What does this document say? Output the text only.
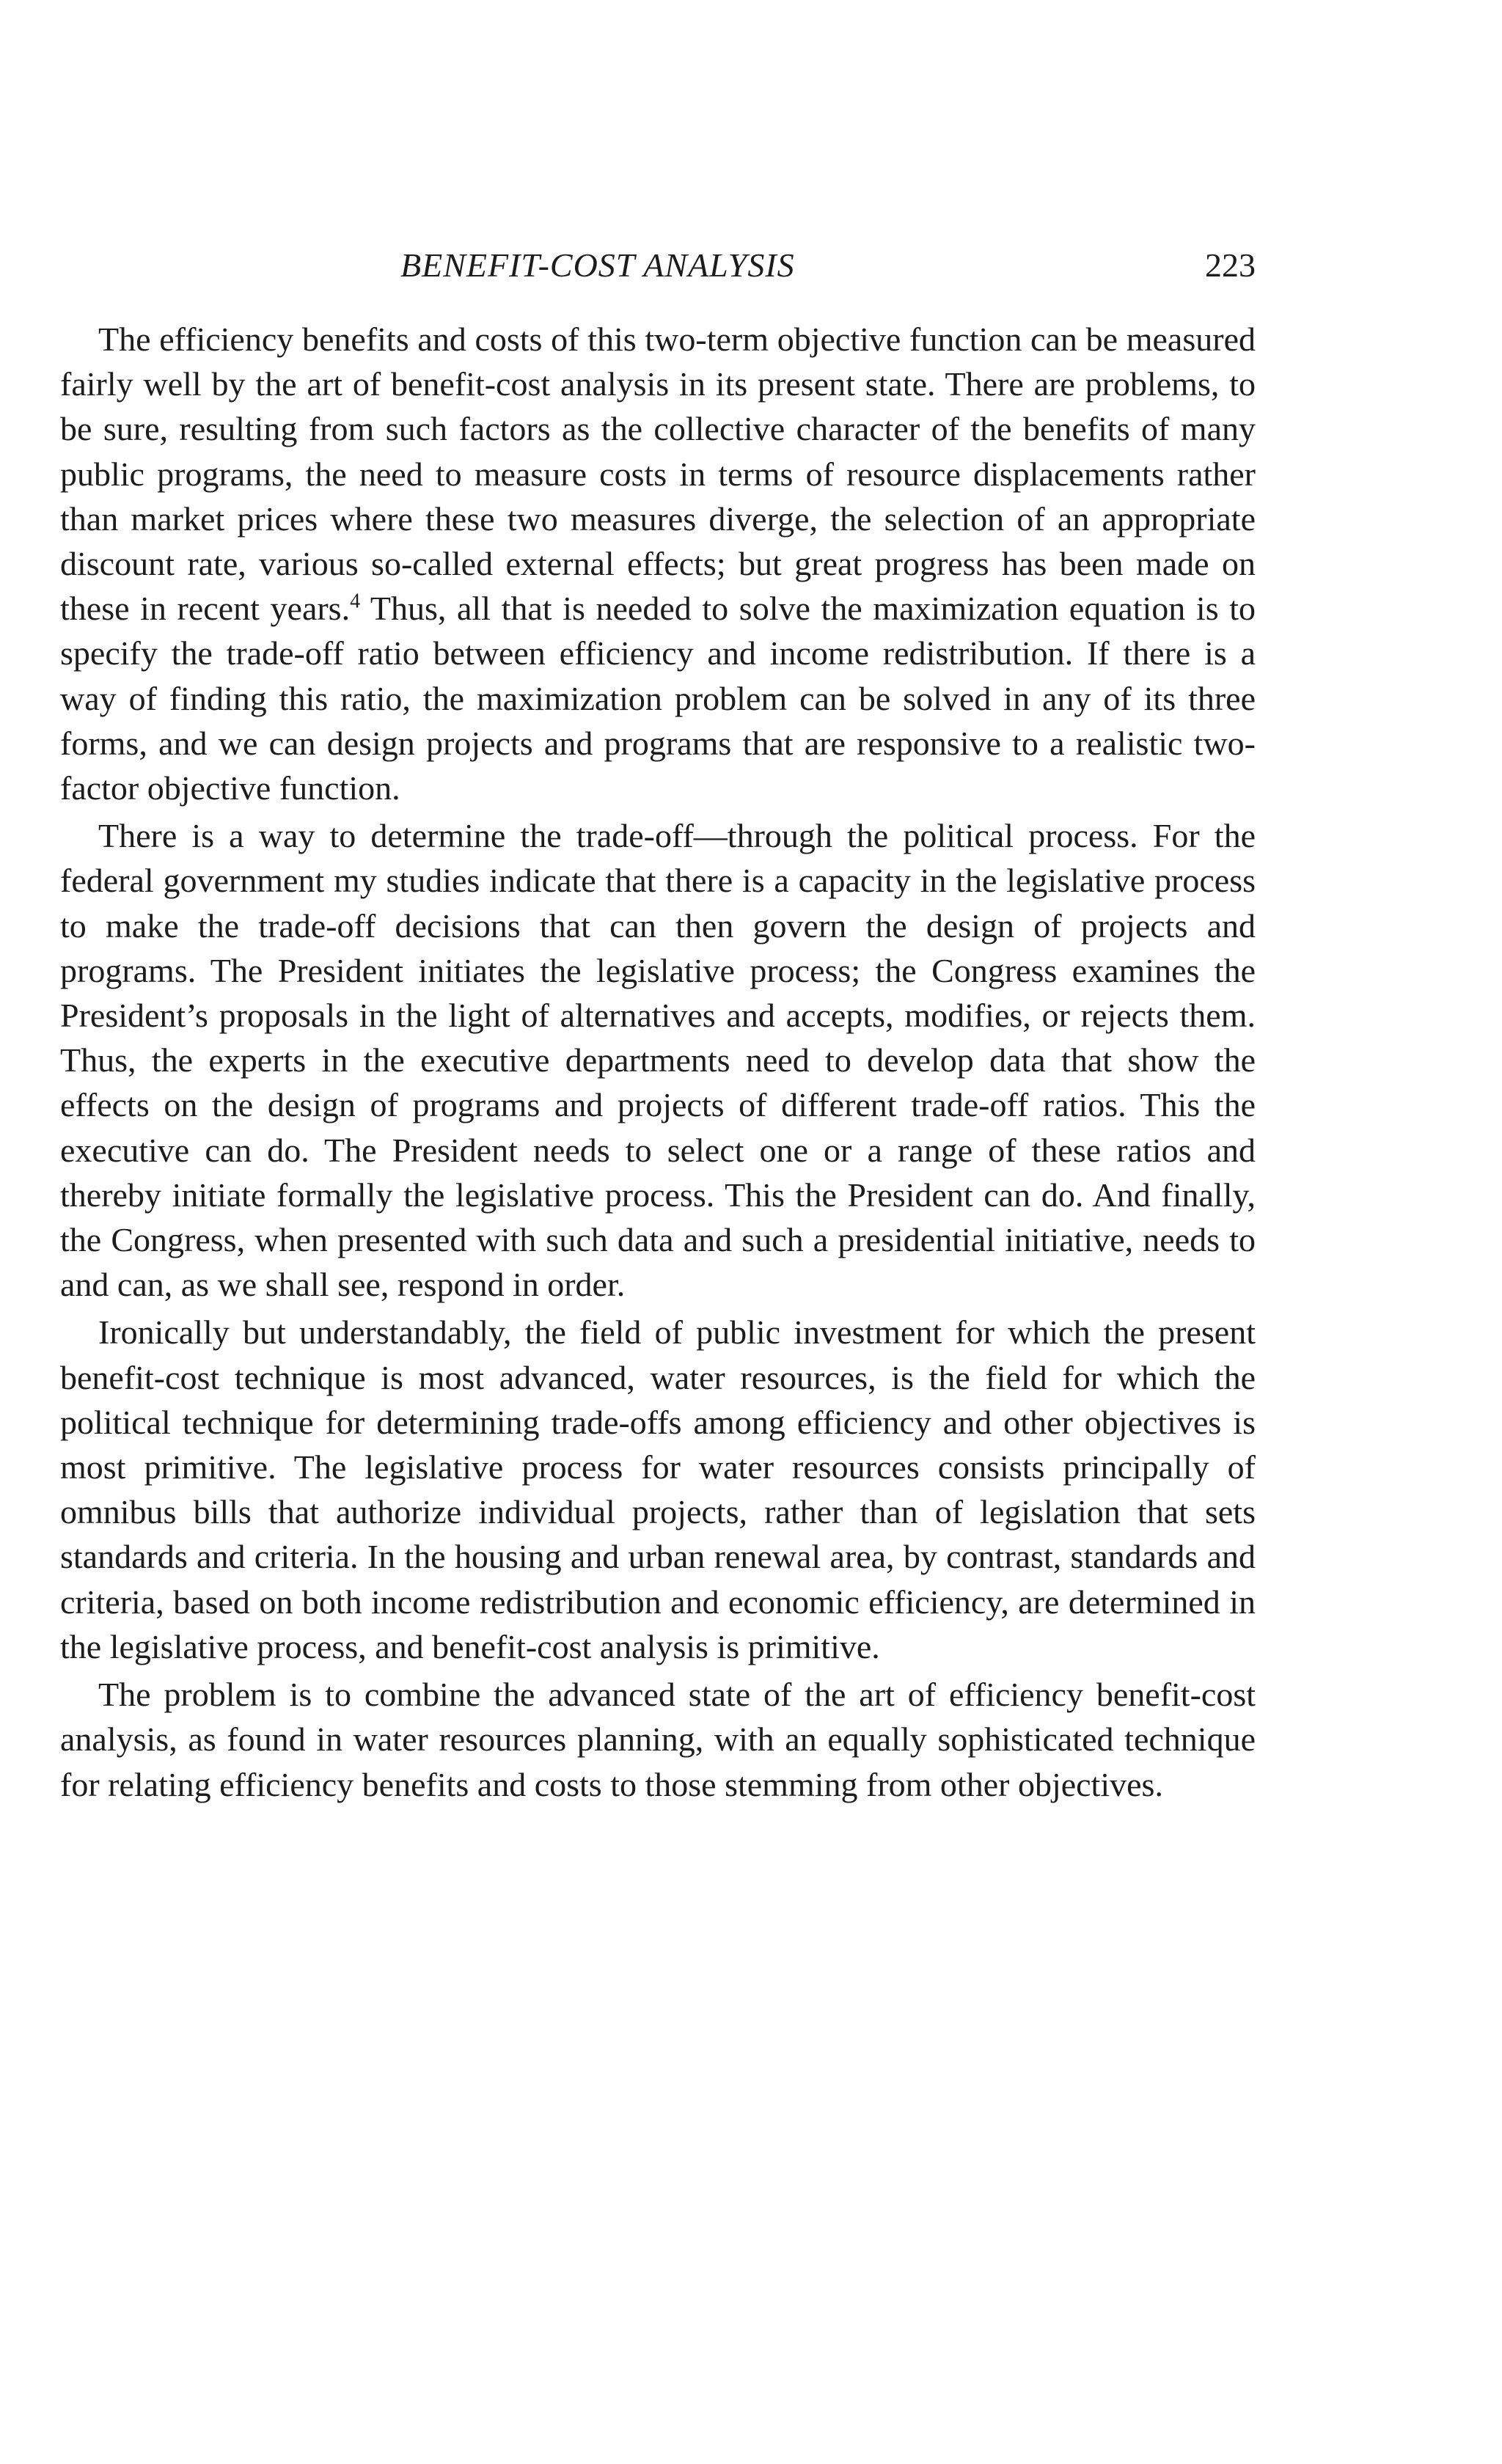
BENEFIT-COST ANALYSIS	223

The efficiency benefits and costs of this two-term objective function can be measured fairly well by the art of benefit-cost analysis in its present state. There are problems, to be sure, resulting from such factors as the collective character of the benefits of many public programs, the need to measure costs in terms of resource displacements rather than market prices where these two measures diverge, the selection of an appropriate discount rate, various so-called external effects; but great progress has been made on these in recent years.$^4$ Thus, all that is needed to solve the maximization equation is to specify the trade-off ratio between efficiency and income redistribution. If there is a way of finding this ratio, the maximization problem can be solved in any of its three forms, and we can design projects and programs that are responsive to a realistic two-factor objective function.

There is a way to determine the trade-off—through the political process. For the federal government my studies indicate that there is a capacity in the legislative process to make the trade-off decisions that can then govern the design of projects and programs. The President initiates the legislative process; the Congress examines the President’s proposals in the light of alternatives and accepts, modifies, or rejects them. Thus, the experts in the executive departments need to develop data that show the effects on the design of programs and projects of different trade-off ratios. This the executive can do. The President needs to select one or a range of these ratios and thereby initiate formally the legislative process. This the President can do. And finally, the Congress, when presented with such data and such a presidential initiative, needs to and can, as we shall see, respond in order.

Ironically but understandably, the field of public investment for which the present benefit-cost technique is most advanced, water resources, is the field for which the political technique for determining trade-offs among efficiency and other objectives is most primitive. The legislative process for water resources consists principally of omnibus bills that authorize individual projects, rather than of legislation that sets standards and criteria. In the housing and urban renewal area, by contrast, standards and criteria, based on both income redistribution and economic efficiency, are determined in the legislative process, and benefit-cost analysis is primitive.

The problem is to combine the advanced state of the art of efficiency benefit-cost analysis, as found in water resources planning, with an equally sophisticated technique for relating efficiency benefits and costs to those stemming from other objectives.
